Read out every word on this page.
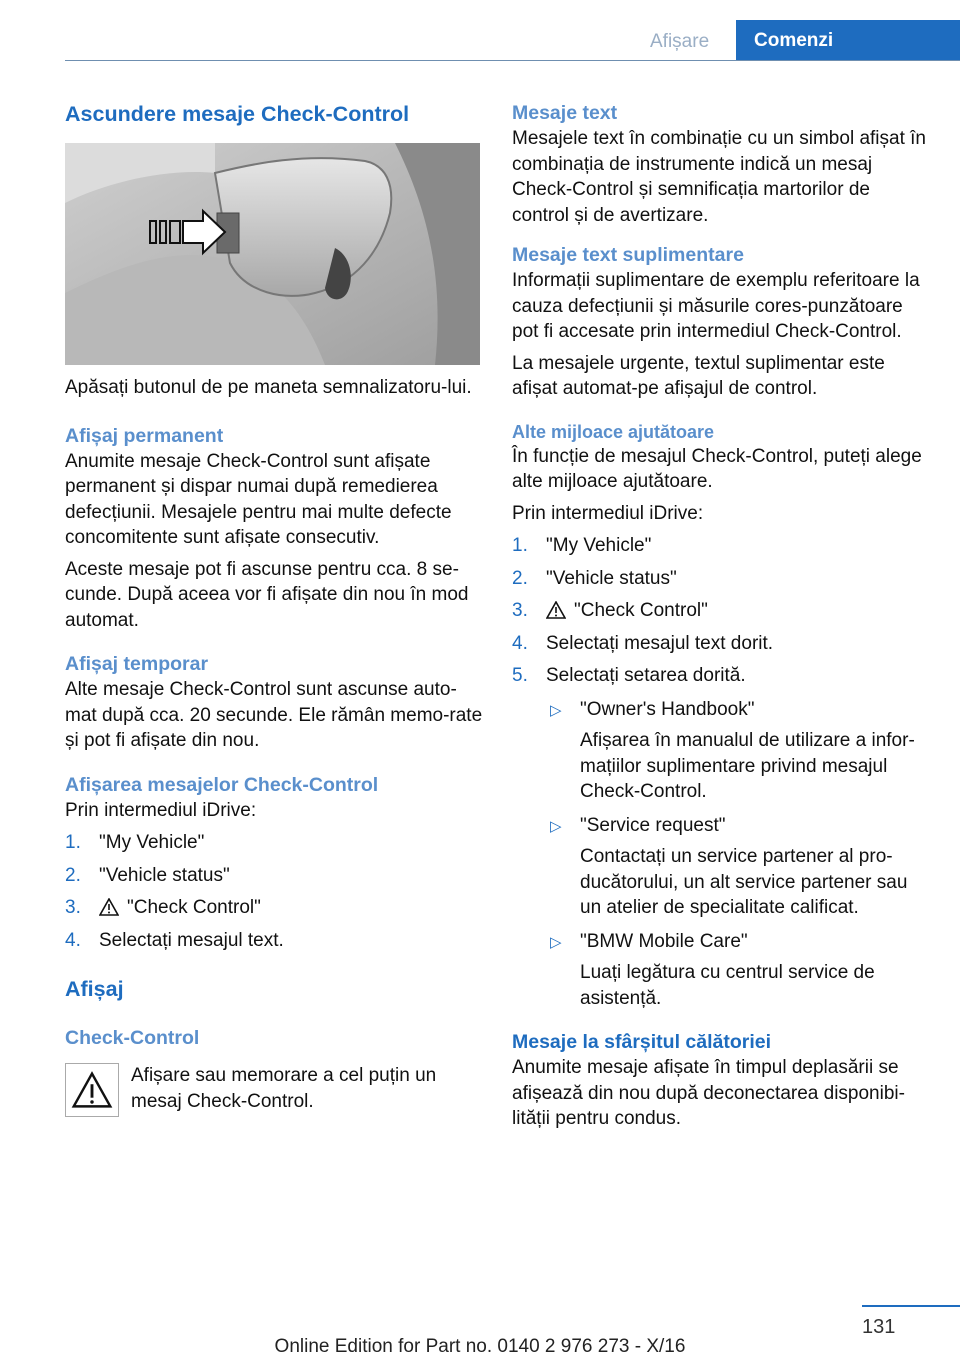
Afișare	Comenzi
Ascundere mesaje Check-Control

Apăsați butonul de pe maneta semnalizatoru-lui.

Afișaj permanent

Anumite mesaje Check-Control sunt afișate permanent și dispar numai după remedierea defecțiunii. Mesajele pentru mai multe defecte concomitente sunt afișate consecutiv.

Aceste mesaje pot fi ascunse pentru cca. 8 se-cunde. După aceea vor fi afișate din nou în mod automat.

Afișaj temporar

Alte mesaje Check-Control sunt ascunse auto-mat după cca. 20 secunde. Ele rămân memo-rate și pot fi afișate din nou.

Afișarea mesajelor Check-Control

Prin intermediul iDrive:

1. "My Vehicle"
2. "Vehicle status"
3. "Check Control"
4. Selectați mesajul text.
Afișaj
Check-Control

Afișare sau memorare a cel puțin un mesaj Check-Control.

Mesaje text

Mesajele text în combinație cu un simbol afișat în combinația de instrumente indică un mesaj Check-Control și semnificația martorilor de control și de avertizare.

Mesaje text suplimentare

Informații suplimentare de exemplu referitoare la cauza defecțiunii și măsurile cores-punzătoare pot fi accesate prin intermediul Check-Control.

La mesajele urgente, textul suplimentar este afișat automat-pe afișajul de control.

Alte mijloace ajutătoare

În funcție de mesajul Check-Control, puteți alege alte mijloace ajutătoare.

Prin intermediul iDrive:

1. "My Vehicle"
2. "Vehicle status"
3. "Check Control"
4. Selectați mesajul text dorit.
5. Selectați setarea dorită.
▷ "Owner's Handbook"
Afișarea în manualul de utilizare a infor-mațiilor suplimentare privind mesajul Check-Control.
▷ "Service request"
Contactați un service partener al pro-ducătorului, un alt service partener sau un atelier de specialitate calificat.
▷ "BMW Mobile Care"
Luați legătura cu centrul service de asistență.
Mesaje la sfârșitul călătoriei

Anumite mesaje afișate în timpul deplasării se afișează din nou după deconectarea disponibi-lității pentru condus.

131
Online Edition for Part no. 0140 2 976 273 - X/16
